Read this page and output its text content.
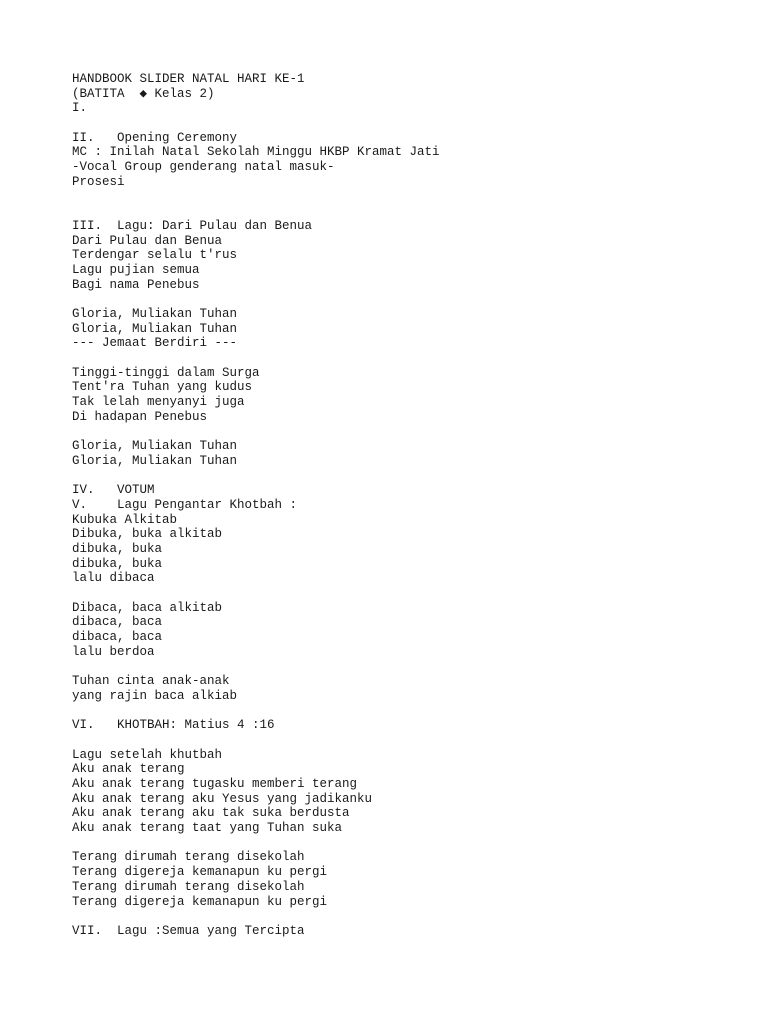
HANDBOOK SLIDER NATAL HARI KE-1
(BATITA  ◆ Kelas 2)
I.
II.   Opening Ceremony
MC : Inilah Natal Sekolah Minggu HKBP Kramat Jati
-Vocal Group genderang natal masuk-
Prosesi
III.  Lagu: Dari Pulau dan Benua
Dari Pulau dan Benua
Terdengar selalu t'rus
Lagu pujian semua
Bagi nama Penebus
Gloria, Muliakan Tuhan
Gloria, Muliakan Tuhan
--- Jemaat Berdiri ---
Tinggi-tinggi dalam Surga
Tent'ra Tuhan yang kudus
Tak lelah menyanyi juga
Di hadapan Penebus
Gloria, Muliakan Tuhan
Gloria, Muliakan Tuhan
IV.   VOTUM
V.    Lagu Pengantar Khotbah :
Kubuka Alkitab
Dibuka, buka alkitab
dibuka, buka
dibuka, buka
lalu dibaca
Dibaca, baca alkitab
dibaca, baca
dibaca, baca
lalu berdoa
Tuhan cinta anak-anak
yang rajin baca alkiab
VI.   KHOTBAH: Matius 4 :16
Lagu setelah khutbah
Aku anak terang
Aku anak terang tugasku memberi terang
Aku anak terang aku Yesus yang jadikanku
Aku anak terang aku tak suka berdusta
Aku anak terang taat yang Tuhan suka
Terang dirumah terang disekolah
Terang digereja kemanapun ku pergi
Terang dirumah terang disekolah
Terang digereja kemanapun ku pergi
VII.  Lagu :Semua yang Tercipta
